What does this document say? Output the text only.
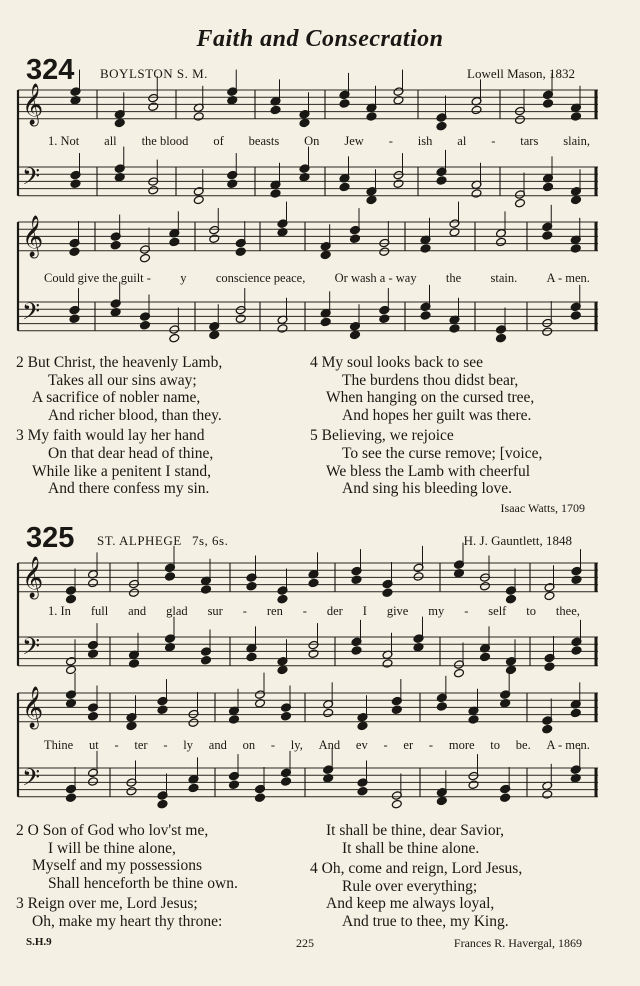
Faith and Consecration
324 BOYLSTON S. M.	Lowell Mason, 1832
𝄞
𝄢
𝄞
𝄢
𝄞
𝄢
𝄞
𝄢
1. Not all the blood of beasts On Jew - ish al - tars slain,
Could give the guilt - y conscience peace, Or wash a - way the stain. A - men.
2 But Christ, the heavenly Lamb,
Takes all our sins away;
A sacrifice of nobler name,
And richer blood, than they.
3 My faith would lay her hand
On that dear head of thine,
While like a penitent I stand,
And there confess my sin.
4 My soul looks back to see
The burdens thou didst bear,
When hanging on the cursed tree,
And hopes her guilt was there.
5 Believing, we rejoice
To see the curse remove; [voice,
We bless the Lamb with cheerful
And sing his bleeding love.
Isaac Watts, 1709
325 ST. ALPHEGE 7s, 6s.	H. J. Gauntlett, 1848
1. In full and glad sur - ren - der I give my - self to thee,
Thine ut - ter - ly and on - ly, And ev - er - more to be. A - men.
2 O Son of God who lov'st me,
I will be thine alone,
Myself and my possessions
Shall henceforth be thine own.
3 Reign over me, Lord Jesus;
Oh, make my heart thy throne:
It shall be thine, dear Savior,
It shall be thine alone.
4 Oh, come and reign, Lord Jesus,
Rule over everything;
And keep me always loyal,
And true to thee, my King.
S.H.9	225	Frances R. Havergal, 1869
